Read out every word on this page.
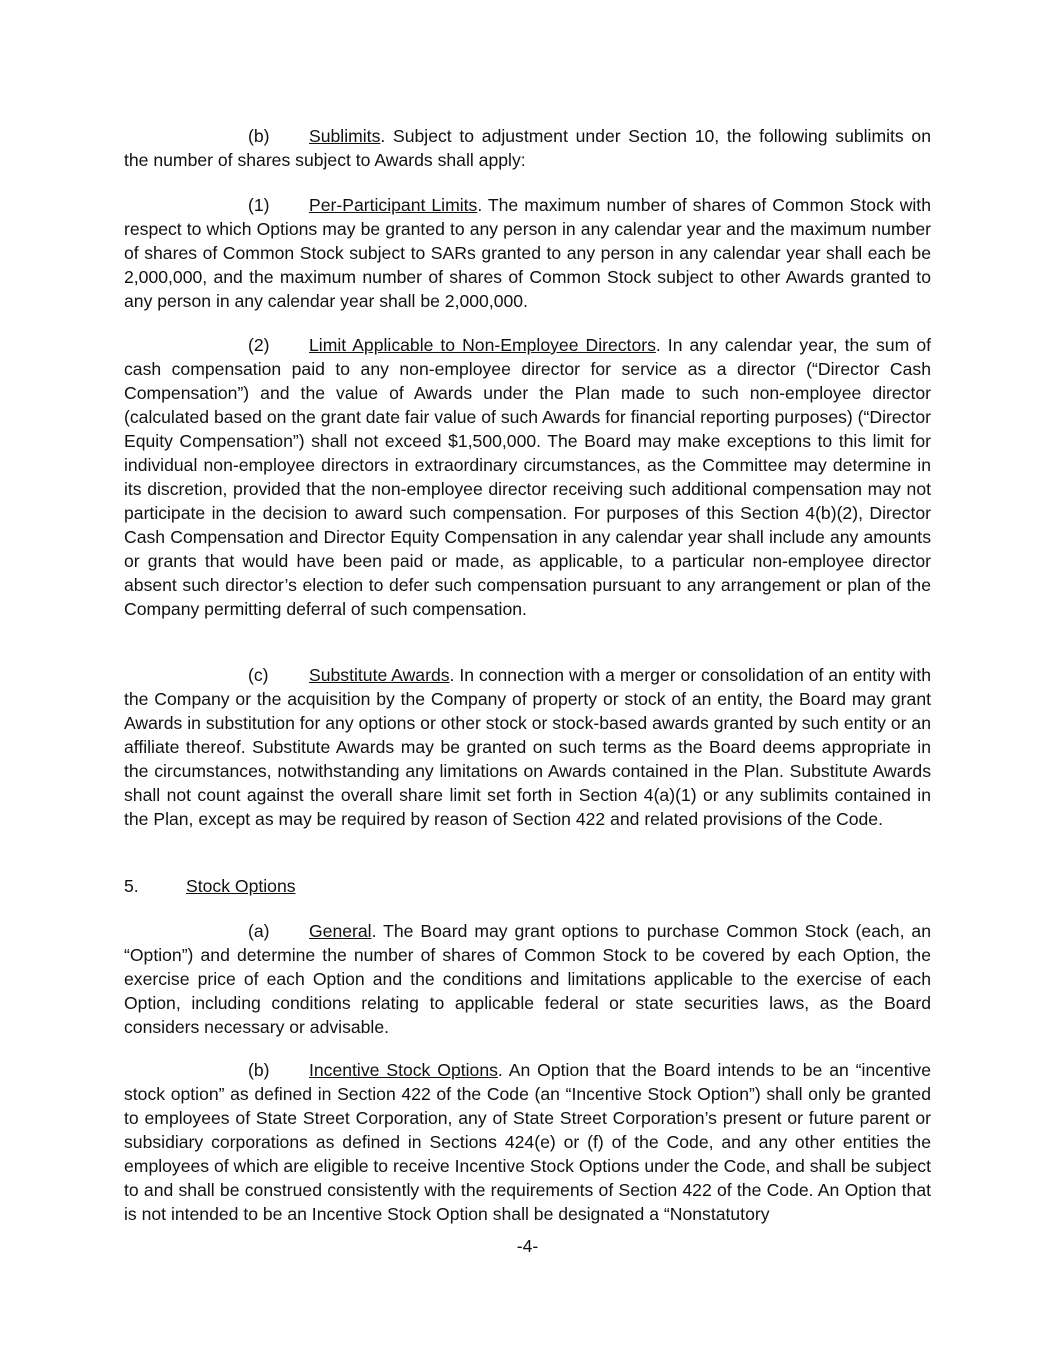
(b) Sublimits. Subject to adjustment under Section 10, the following sublimits on the number of shares subject to Awards shall apply:

(1) Per-Participant Limits. The maximum number of shares of Common Stock with respect to which Options may be granted to any person in any calendar year and the maximum number of shares of Common Stock subject to SARs granted to any person in any calendar year shall each be 2,000,000, and the maximum number of shares of Common Stock subject to other Awards granted to any person in any calendar year shall be 2,000,000.

(2) Limit Applicable to Non-Employee Directors. In any calendar year, the sum of cash compensation paid to any non-employee director for service as a director (“Director Cash Compensation”) and the value of Awards under the Plan made to such non-employee director (calculated based on the grant date fair value of such Awards for financial reporting purposes) (“Director Equity Compensation”) shall not exceed $1,500,000. The Board may make exceptions to this limit for individual non-employee directors in extraordinary circumstances, as the Committee may determine in its discretion, provided that the non-employee director receiving such additional compensation may not participate in the decision to award such compensation. For purposes of this Section 4(b)(2), Director Cash Compensation and Director Equity Compensation in any calendar year shall include any amounts or grants that would have been paid or made, as applicable, to a particular non-employee director absent such director’s election to defer such compensation pursuant to any arrangement or plan of the Company permitting deferral of such compensation.

(c) Substitute Awards. In connection with a merger or consolidation of an entity with the Company or the acquisition by the Company of property or stock of an entity, the Board may grant Awards in substitution for any options or other stock or stock-based awards granted by such entity or an affiliate thereof. Substitute Awards may be granted on such terms as the Board deems appropriate in the circumstances, notwithstanding any limitations on Awards contained in the Plan. Substitute Awards shall not count against the overall share limit set forth in Section 4(a)(1) or any sublimits contained in the Plan, except as may be required by reason of Section 422 and related provisions of the Code.

5.	Stock Options

(a) General. The Board may grant options to purchase Common Stock (each, an “Option”) and determine the number of shares of Common Stock to be covered by each Option, the exercise price of each Option and the conditions and limitations applicable to the exercise of each Option, including conditions relating to applicable federal or state securities laws, as the Board considers necessary or advisable.

(b) Incentive Stock Options. An Option that the Board intends to be an “incentive stock option” as defined in Section 422 of the Code (an “Incentive Stock Option”) shall only be granted to employees of State Street Corporation, any of State Street Corporation’s present or future parent or subsidiary corporations as defined in Sections 424(e) or (f) of the Code, and any other entities the employees of which are eligible to receive Incentive Stock Options under the Code, and shall be subject to and shall be construed consistently with the requirements of Section 422 of the Code. An Option that is not intended to be an Incentive Stock Option shall be designated a “Nonstatutory

-4-
